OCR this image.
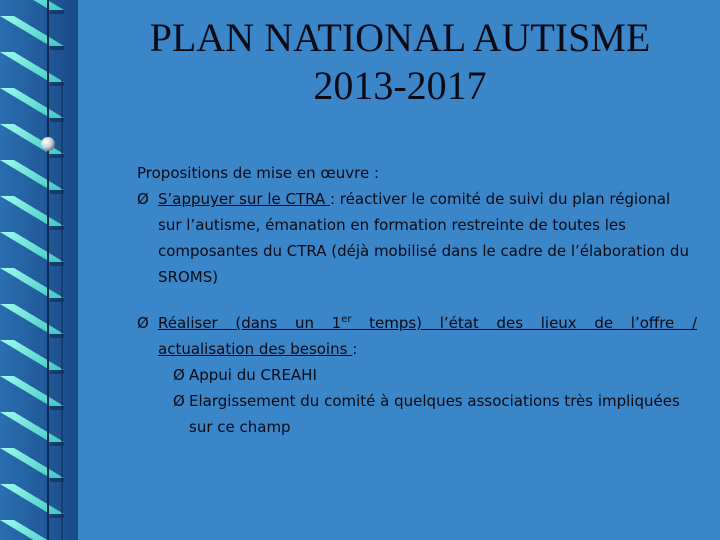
PLAN NATIONAL AUTISME
2013-2017

Propositions de mise en œuvre :

Ø S’appuyer sur le CTRA : réactiver le comité de suivi du plan régional sur l’autisme, émanation en formation restreinte de toutes les composantes du CTRA (déjà mobilisé dans le cadre de l’élaboration du SROMS)
Ø Réaliser (dans un 1er temps) l’état des lieux de l’offre /
actualisation des besoins :
Ø Appui du CREAHI
Ø Elargissement du comité à quelques associations très impliquées sur ce champ
